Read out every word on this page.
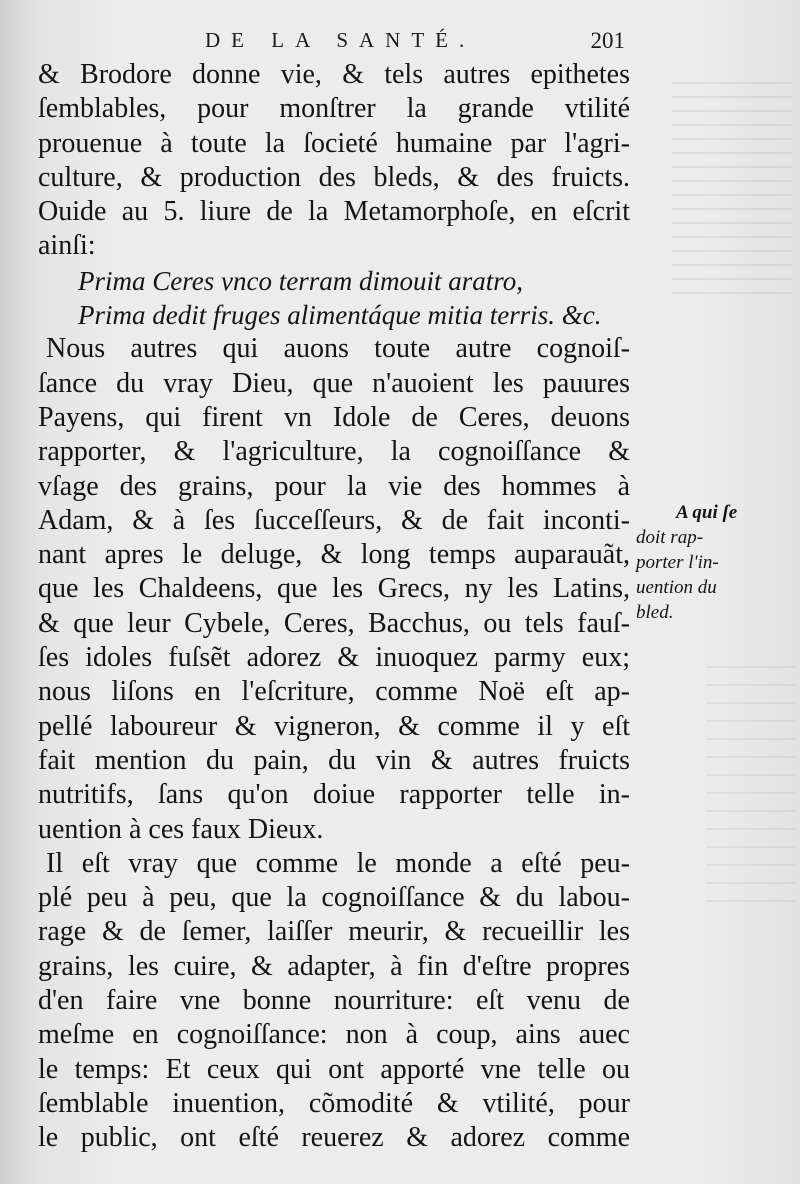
DE LA SANTÉ.	201
& Brodore donne vie, & tels autres epithetes
ſemblables, pour monſtrer la grande vtilité
prouenue à toute la ſocieté humaine par l'agri-
culture, & production des bleds, & des fruicts.
Ouide au 5. liure de la Metamorphoſe, en eſcrit
ainſi:
Prima Ceres vnco terram dimouit aratro,
Prima dedit fruges alimentáque mitia terris. &c.
Nous autres qui auons toute autre cognoiſ-
ſance du vray Dieu, que n'auoient les pauures
Payens, qui firent vn Idole de Ceres, deuons
rapporter, & l'agriculture, la cognoiſſance &
vſage des grains, pour la vie des hommes à
Adam, & à ſes ſucceſſeurs, & de fait inconti-
nant apres le deluge, & long temps auparauãt,
que les Chaldeens, que les Grecs, ny les Latins,
& que leur Cybele, Ceres, Bacchus, ou tels fauſ-
ſes idoles fuſsẽt adorez & inuoquez parmy eux;
nous liſons en l'eſcriture, comme Noë eſt ap-
pellé laboureur & vigneron, & comme il y eſt
fait mention du pain, du vin & autres fruicts
nutritifs, ſans qu'on doiue rapporter telle in-
uention à ces faux Dieux.
Il eſt vray que comme le monde a eſté peu-
plé peu à peu, que la cognoiſſance & du labou-
rage & de ſemer, laiſſer meurir, & recueillir les
grains, les cuire, & adapter, à fin d'eſtre propres
d'en faire vne bonne nourriture: eſt venu de
meſme en cognoiſſance: non à coup, ains auec
le temps: Et ceux qui ont apporté vne telle ou
ſemblable inuention, cõmodité & vtilité, pour
le public, ont eſté reuerez & adorez comme
A qui ſe
doit rap-
porter l'in-
uention du
bled.
